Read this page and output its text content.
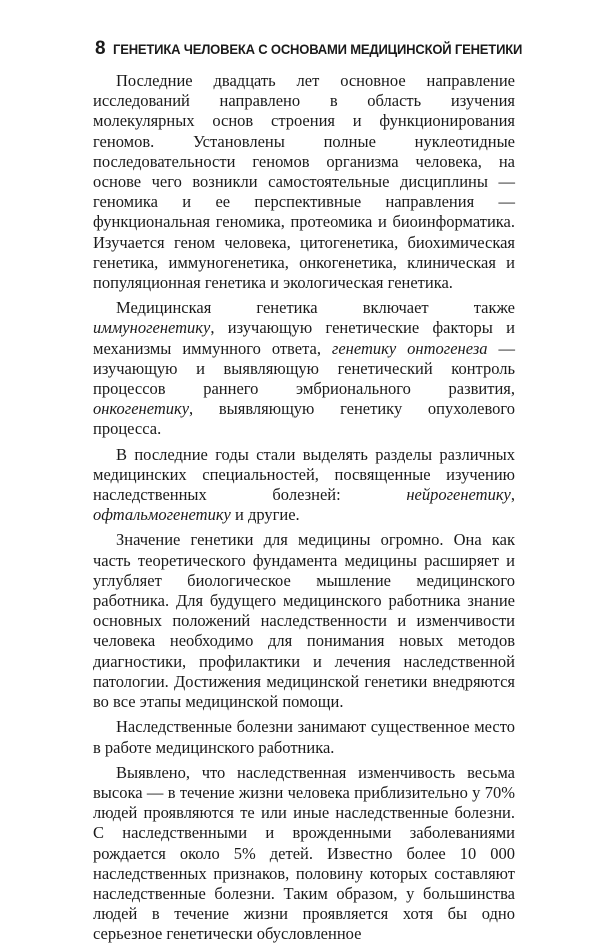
8 ГЕНЕТИКА ЧЕЛОВЕКА С ОСНОВАМИ МЕДИЦИНСКОЙ ГЕНЕТИКИ

Последние двадцать лет основное направление исследований направлено в область изучения молекулярных основ строения и функционирования геномов. Установлены полные нуклеотидные последовательности геномов организма человека, на основе чего возникли самостоятельные дисциплины — геномика и ее перспективные направления — функциональная геномика, протеомика и биоинформатика. Изучается геном человека, цитогенетика, биохимическая генетика, иммуногенетика, онкогенетика, клиническая и популяционная генетика и экологическая генетика.

Медицинская генетика включает также иммуногенетику, изучающую генетические факторы и механизмы иммунного ответа, генетику онтогенеза — изучающую и выявляющую генетический контроль процессов раннего эмбрионального развития, онкогенетику, выявляющую генетику опухолевого процесса.

В последние годы стали выделять разделы различных медицинских специальностей, посвященные изучению наследственных болезней: нейрогенетику, офтальмогенетику и другие.

Значение генетики для медицины огромно. Она как часть теоретического фундамента медицины расширяет и углубляет биологическое мышление медицинского работника. Для будущего медицинского работника знание основных положений наследственности и изменчивости человека необходимо для понимания новых методов диагностики, профилактики и лечения наследственной патологии. Достижения медицинской генетики внедряются во все этапы медицинской помощи.

Наследственные болезни занимают существенное место в работе медицинского работника.

Выявлено, что наследственная изменчивость весьма высока — в течение жизни человека приблизительно у 70% людей проявляются те или иные наследственные болезни. С наследственными и врожденными заболеваниями рождается около 5% детей. Известно более 10 000 наследственных признаков, половину которых составляют наследственные болезни. Таким образом, у большинства людей в течение жизни проявляется хотя бы одно серьезное генетически обусловленное
